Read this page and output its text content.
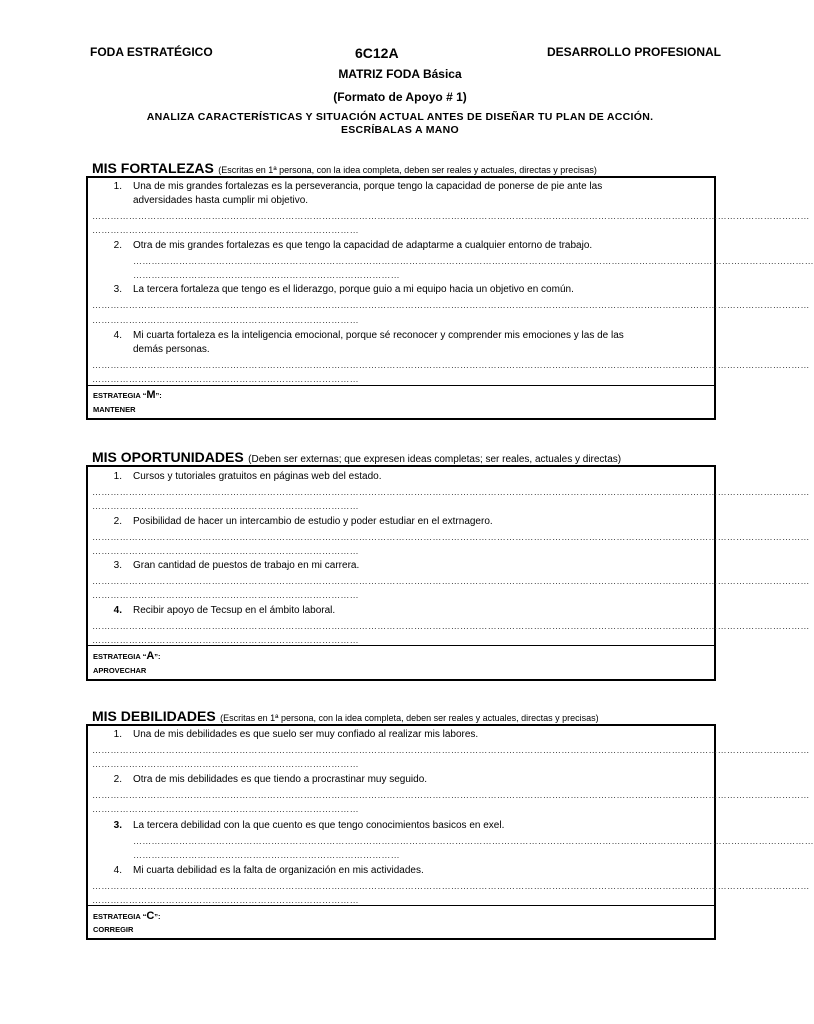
FODA ESTRATÉGICO	6C12A	DESARROLLO PROFESIONAL
MATRIZ FODA Básica
(Formato de Apoyo # 1)
ANALIZA CARACTERÍSTICAS Y SITUACIÓN ACTUAL ANTES DE DISEÑAR TU PLAN DE ACCIÓN.
ESCRÍBALAS A MANO
MIS FORTALEZAS (Escritas en 1ª persona, con la idea completa, deben ser reales y actuales, directas y precisas)
1. Una de mis grandes fortalezas es la perseverancia, porque tengo la capacidad de ponerse de pie ante las
adversidades hasta cumplir mi objetivo.
………………………………………………………………………………………………………………………………………………………………………………………………………………
……………………………………………………………………………
2. Otra de mis grandes fortalezas es que tengo la capacidad de adaptarme a cualquier entorno de trabajo.
……………………………………………………………………………………………………………………………………………………………………………………………………
……………………………………………………………………………
3. La tercera fortaleza que tengo es el liderazgo, porque guio a mi equipo hacia un objetivo en común.
………………………………………………………………………………………………………………………………………………………………………………………………………………
……………………………………………………………………………
4. Mi cuarta fortaleza es la inteligencia emocional, porque sé reconocer y comprender mis emociones y las de las
demás personas.
………………………………………………………………………………………………………………………………………………………………………………………………………………
……………………………………………………………………………
ESTRATEGIA “M”:
MANTENER
MIS OPORTUNIDADES (Deben ser externas; que expresen ideas completas; ser reales, actuales y directas)
1. Cursos y tutoriales gratuitos en páginas web del estado.
………………………………………………………………………………………………………………………………………………………………………………………………………………
……………………………………………………………………………
2. Posibilidad de hacer un intercambio de estudio y poder estudiar en el extrnagero.
………………………………………………………………………………………………………………………………………………………………………………………………………………
……………………………………………………………………………
3. Gran cantidad de puestos de trabajo en mi carrera.
………………………………………………………………………………………………………………………………………………………………………………………………………………
……………………………………………………………………………
4. Recibir apoyo de Tecsup en el ámbito laboral.
………………………………………………………………………………………………………………………………………………………………………………………………………………
……………………………………………………………………………
ESTRATEGIA “A”:
APROVECHAR
MIS DEBILIDADES (Escritas en 1ª persona, con la idea completa, deben ser reales y actuales, directas y precisas)
1. Una de mis debilidades es que suelo ser muy confiado al realizar mis labores.
………………………………………………………………………………………………………………………………………………………………………………………………………………
……………………………………………………………………………
2. Otra de mis debilidades es que tiendo a procrastinar muy seguido.
………………………………………………………………………………………………………………………………………………………………………………………………………………
……………………………………………………………………………
3. La tercera debilidad con la que cuento es que tengo conocimientos basicos en exel.
……………………………………………………………………………………………………………………………………………………………………………………………………
……………………………………………………………………………
4. Mi cuarta debilidad es la falta de organización en mis actividades.
………………………………………………………………………………………………………………………………………………………………………………………………………………
……………………………………………………………………………
ESTRATEGIA “C”:
CORREGIR
